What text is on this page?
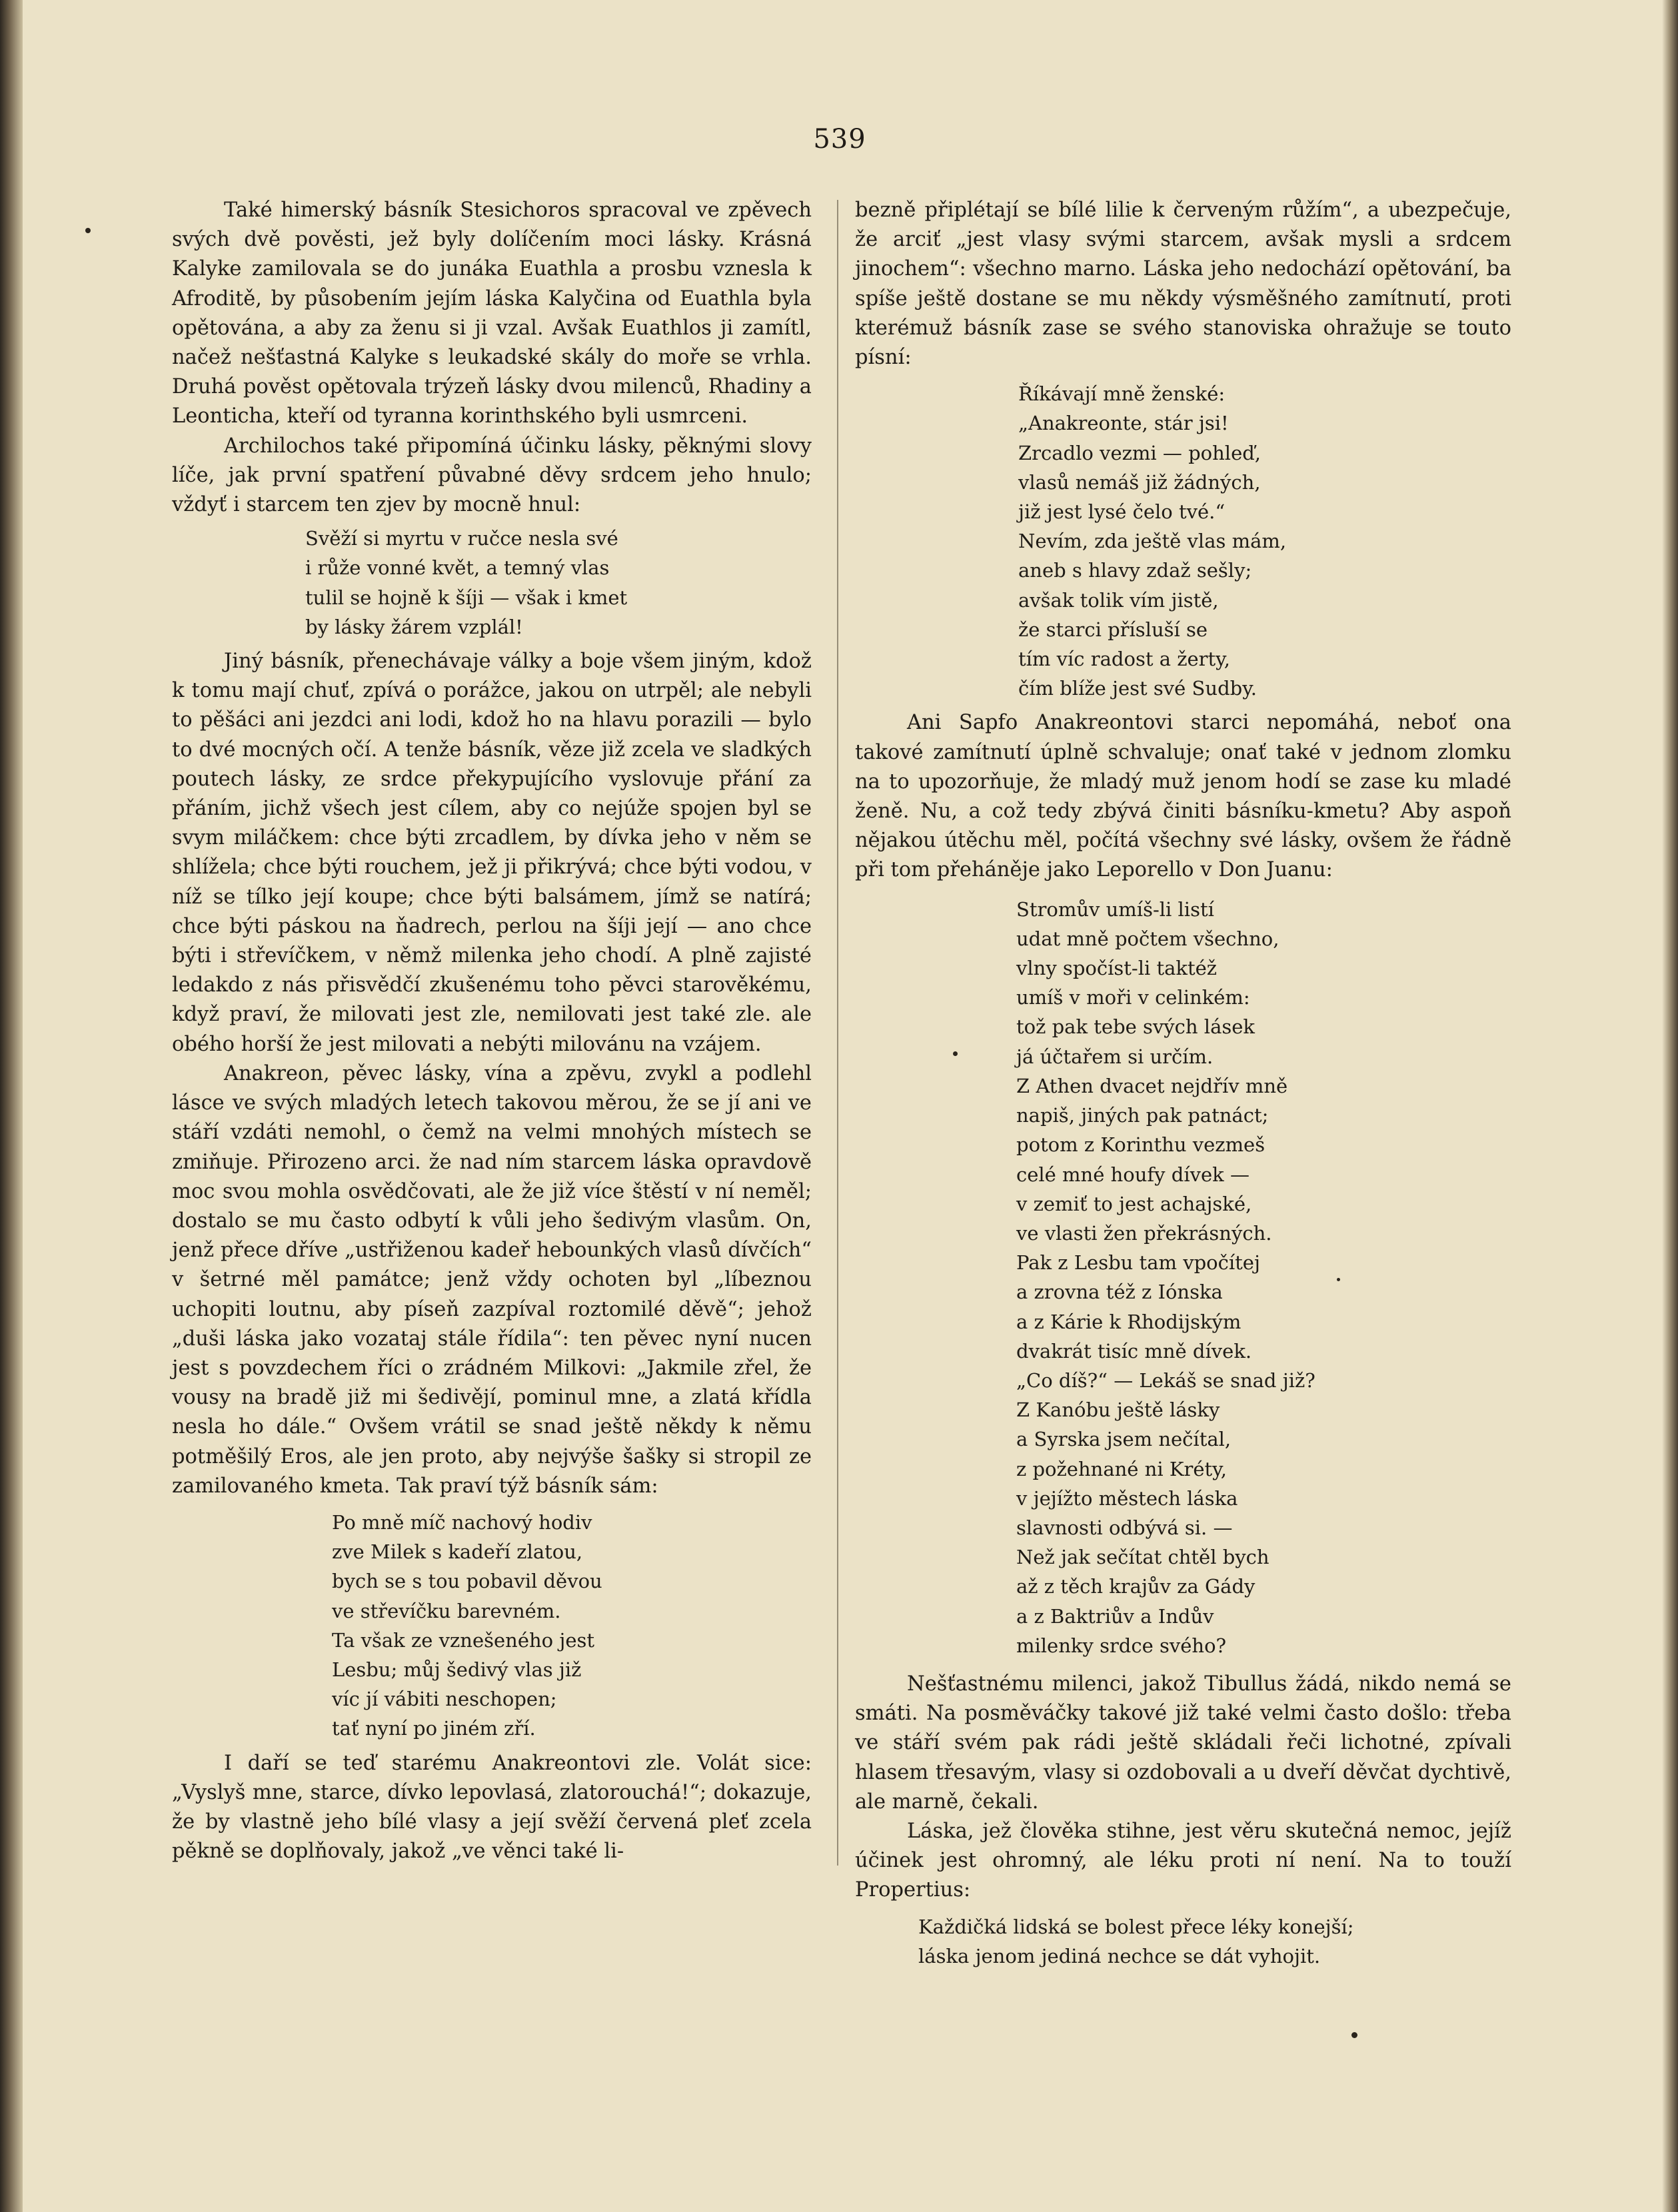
539

Také himerský básník Stesichoros spracoval ve zpěvech svých dvě pověsti, jež byly dolíčením moci lásky. Krásná Kalyke zamilovala se do junáka Euathla a prosbu vznesla k Afroditě, by působením jejím láska Kalyčina od Euathla byla opětována, a aby za ženu si ji vzal. Avšak Euathlos ji zamítl, načež nešťastná Kalyke s leukadské skály do moře se vrhla. Druhá pověst opětovala trýzeň lásky dvou milenců, Rhadiny a Leonticha, kteří od tyranna korinthského byli usmrceni.

Archilochos také připomíná účinku lásky, pěknými slovy líče, jak první spatření půvabné děvy srdcem jeho hnulo; vždyť i starcem ten zjev by mocně hnul:

Svěží si myrtu v ručce nesla své
i růže vonné květ, a temný vlas
tulil se hojně k šíji — však i kmet
by lásky žárem vzplál!

Jiný básník, přenechávaje války a boje všem jiným, kdož k tomu mají chuť, zpívá o porážce, jakou on utrpěl; ale nebyli to pěšáci ani jezdci ani lodi, kdož ho na hlavu porazili — bylo to dvé mocných očí. A tenže básník, věze již zcela ve sladkých poutech lásky, ze srdce překypujícího vyslovuje přání za přáním, jichž všech jest cílem, aby co nejúže spojen byl se svym miláčkem: chce býti zrcadlem, by dívka jeho v něm se shlížela; chce býti rouchem, jež ji přikrývá; chce býti vodou, v níž se tílko její koupe; chce býti balsámem, jímž se natírá; chce býti páskou na ňadrech, perlou na šíji její — ano chce býti i střevíčkem, v němž milenka jeho chodí. A plně zajisté ledakdo z nás přisvědčí zkušenému toho pěvci starověkému, když praví, že milovati jest zle, nemilovati jest také zle. ale obého horší že jest milovati a nebýti milovánu na vzájem.

Anakreon, pěvec lásky, vína a zpěvu, zvykl a podlehl lásce ve svých mladých letech takovou měrou, že se jí ani ve stáří vzdáti nemohl, o čemž na velmi mnohých místech se zmiňuje. Přirozeno arci. že nad ním starcem láska opravdově moc svou mohla osvědčovati, ale že již více štěstí v ní neměl; dostalo se mu často odbytí k vůli jeho šedivým vlasům. On, jenž přece dříve „ustřiženou kadeř hebounkých vlasů dívčích“ v šetrné měl památce; jenž vždy ochoten byl „líbeznou uchopiti loutnu, aby píseň zazpíval roztomilé děvě“; jehož „duši láska jako vozataj stále řídila“: ten pěvec nyní nucen jest s povzdechem říci o zrádném Milkovi: „Jakmile zřel, že vousy na bradě již mi šedivějí, pominul mne, a zlatá křídla nesla ho dále.“ Ovšem vrátil se snad ještě někdy k němu potměšilý Eros, ale jen proto, aby nejvýše šašky si stropil ze zamilovaného kmeta. Tak praví týž básník sám:

Po mně míč nachový hodiv
zve Milek s kadeří zlatou,
bych se s tou pobavil děvou
ve střevíčku barevném.
Ta však ze vznešeného jest
Lesbu; můj šedivý vlas již
víc jí vábiti neschopen;
tať nyní po jiném zří.

I daří se teď starému Anakreontovi zle. Volát sice: „Vyslyš mne, starce, dívko lepovlasá, zlatorouchá!“; dokazuje, že by vlastně jeho bílé vlasy a její svěží červená pleť zcela pěkně se doplňovaly, jakož „ve věnci také li-

bezně připlétají se bílé lilie k červeným růžím“, a ubezpečuje, že arciť „jest vlasy svými starcem, avšak mysli a srdcem jinochem“: všechno marno. Láska jeho nedochází opětování, ba spíše ještě dostane se mu někdy výsměšného zamítnutí, proti kterémuž básník zase se svého stanoviska ohražuje se touto písní:

Říkávají mně ženské:
„Anakreonte, stár jsi!
Zrcadlo vezmi — pohleď,
vlasů nemáš již žádných,
již jest lysé čelo tvé.“
Nevím, zda ještě vlas mám,
aneb s hlavy zdaž sešly;
avšak tolik vím jistě,
že starci přísluší se
tím víc radost a žerty,
čím blíže jest své Sudby.

Ani Sapfo Anakreontovi starci nepomáhá, neboť ona takové zamítnutí úplně schvaluje; onať také v jednom zlomku na to upozorňuje, že mladý muž jenom hodí se zase ku mladé ženě. Nu, a což tedy zbývá činiti básníku-kmetu? Aby aspoň nějakou útěchu měl, počítá všechny své lásky, ovšem že řádně při tom přeháněje jako Leporello v Don Juanu:

Stromův umíš-li listí
udat mně počtem všechno,
vlny spočíst-li taktéž
umíš v moři v celinkém:
tož pak tebe svých lásek
já účtařem si určím.
Z Athen dvacet nejdřív mně
napiš, jiných pak patnáct;
potom z Korinthu vezmeš
celé mné houfy dívek —
v zemiť to jest achajské,
ve vlasti žen překrásných.
Pak z Lesbu tam vpočítej
a zrovna též z Iónska
a z Kárie k Rhodijským
dvakrát tisíc mně dívek.
„Co díš?“ — Lekáš se snad již?
Z Kanóbu ještě lásky
a Syrska jsem nečítal,
z požehnané ni Kréty,
v jejížto městech láska
slavnosti odbývá si. —
Než jak sečítat chtěl bych
až z těch krajův za Gády
a z Baktriův a Indův
milenky srdce svého?

Nešťastnému milenci, jakož Tibullus žádá, nikdo nemá se smáti. Na posměváčky takové již také velmi často došlo: třeba ve stáří svém pak rádi ještě skládali řeči lichotné, zpívali hlasem třesavým, vlasy si ozdobovali a u dveří děvčat dychtivě, ale marně, čekali.

Láska, jež člověka stihne, jest věru skutečná nemoc, jejíž účinek jest ohromný, ale léku proti ní není. Na to touží Propertius:

Každičká lidská se bolest přece léky konejší;
láska jenom jediná nechce se dát vyhojit.
